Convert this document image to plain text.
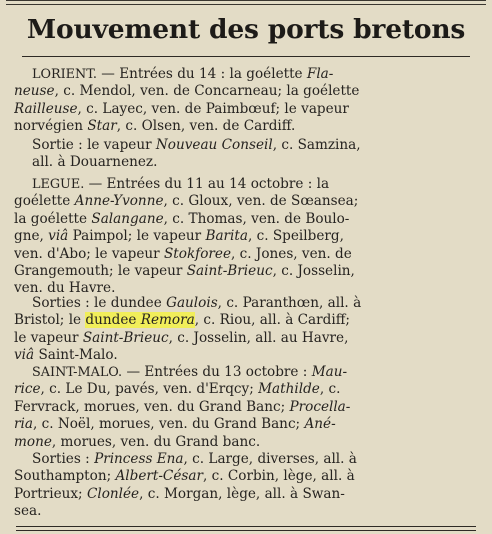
Mouvement des ports bretons
LORIENT. — Entrées du 14 : la goélette Fla-
neuse, c. Mendol, ven. de Concarneau; la goélette
Railleuse, c. Layec, ven. de Paimbœuf; le vapeur
norvégien Star, c. Olsen, ven. de Cardiff.
Sortie : le vapeur Nouveau Conseil, c. Samzina,
all. à Douarnenez.
LEGUE. — Entrées du 11 au 14 octobre : la
goélette Anne-Yvonne, c. Gloux, ven. de Sœansea;
la goélette Salangane, c. Thomas, ven. de Boulo-
gne, viâ Paimpol; le vapeur Barita, c. Speilberg,
ven. d'Abo; le vapeur Stokforee, c. Jones, ven. de
Grangemouth; le vapeur Saint-Brieuc, c. Josselin,
ven. du Havre.
Sorties : le dundee Gaulois, c. Paranthœn, all. à
Bristol; le dundee Remora, c. Riou, all. à Cardiff;
le vapeur Saint-Brieuc, c. Josselin, all. au Havre,
viâ Saint-Malo.
SAINT-MALO. — Entrées du 13 octobre : Mau-
rice, c. Le Du, pavés, ven. d'Erqcy; Mathilde, c.
Fervrack, morues, ven. du Grand Banc; Procella-
ria, c. Noël, morues, ven. du Grand Banc; Ané-
mone, morues, ven. du Grand banc.
Sorties : Princess Ena, c. Large, diverses, all. à
Southampton; Albert-César, c. Corbin, lège, all. à
Portrieux; Clonlée, c. Morgan, lège, all. à Swan-
sea.
